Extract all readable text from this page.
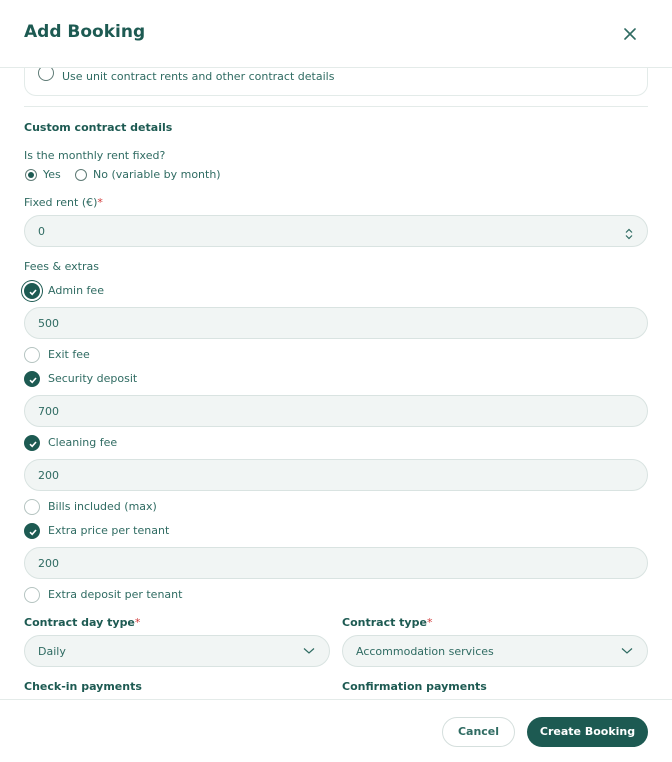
Add Booking
Use unit contract rents and other contract details
Custom contract details
Is the monthly rent fixed?
Yes	No (variable by month)
Fixed rent (€)*
0
Fees & extras
Admin fee
500
Exit fee
Security deposit
700
Cleaning fee
200
Bills included (max)
Extra price per tenant
200
Extra deposit per tenant
Contract day type*	Contract type*
Daily	Accommodation services
Check-in payments	Confirmation payments
Cancel	Create Booking
